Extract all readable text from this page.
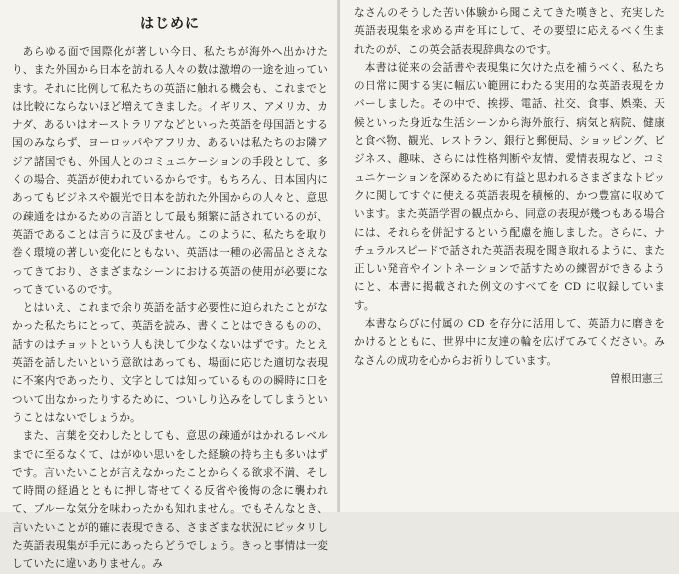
はじめに

あらゆる面で国際化が著しい今日、私たちが海外へ出かけたり、また外国から日本を訪れる人々の数は激増の一途を辿っています。それに比例して私たちの英語に触れる機会も、これまでとは比較にならないほど増えてきました。イギリス、アメリカ、カナダ、あるいはオーストラリアなどといった英語を母国語とする国のみならず、ヨーロッパやアフリカ、あるいは私たちのお隣アジア諸国でも、外国人とのコミュニケーションの手段として、多くの場合、英語が使われているからです。もちろん、日本国内にあってもビジネスや観光で日本を訪れた外国からの人々と、意思の疎通をはかるための言語として最も頻繁に話されているのが、英語であることは言うに及びません。このように、私たちを取り巻く環境の著しい変化にともない、英語は一種の必需品とさえなってきており、さまざまなシーンにおける英語の使用が必要になってきているのです。

とはいえ、これまで余り英語を話す必要性に迫られたことがなかった私たちにとって、英語を読み、書くことはできるものの、話すのはチョットという人も決して少なくないはずです。たとえ英語を話したいという意欲はあっても、場面に応じた適切な表現に不案内であったり、文字としては知っているものの瞬時に口をついて出なかったりするために、ついしり込みをしてしまうということはないでしょうか。

また、言葉を交わしたとしても、意思の疎通がはかれるレベルまでに至るなくて、はがゆい思いをした経験の持ち主も多いはずです。言いたいことが言えなかったことからくる欲求不満、そして時間の経過とともに押し寄せてくる反省や後悔の念に襲われて、ブルーな気分を味わったかも知れません。でもそんなとき、言いたいことが的確に表現できる、さまざまな状況にピッタリした英語表現集が手元にあったらどうでしょう。きっと事情は一変していたに違いありません。み

なさんのそうした苦い体験から聞こえてきた嘆きと、充実した英語表現集を求める声を耳にして、その要望に応えるべく生まれたのが、この英会話表現辞典なのです。

本書は従来の会話書や表現集に欠けた点を補うべく、私たちの日常に関する実に幅広い範囲にわたる実用的な英語表現をカバーしました。その中で、挨拶、電話、社交、食事、娯楽、天候といった身近な生活シーンから海外旅行、病気と病院、健康と食べ物、観光、レストラン、銀行と郵便局、ショッピング、ビジネス、趣味、さらには性格判断や友情、愛情表現など、コミュニケーションを深めるために有益と思われるさまざまなトピックに関してすぐに使える英語表現を積極的、かつ豊富に収めています。また英語学習の観点から、同意の表現が幾つもある場合には、それらを併記するという配慮を施しました。さらに、ナチュラルスピードで話された英語表現を聞き取れるように、また正しい発音やイントネーションで話すための練習ができるようにと、本書に掲載された例文のすべてを CD に収録しています。

本書ならびに付属の CD を存分に活用して、英語力に磨きをかけるとともに、世界中に友達の輪を広げてみてください。みなさんの成功を心からお祈りしています。

曽根田憲三
